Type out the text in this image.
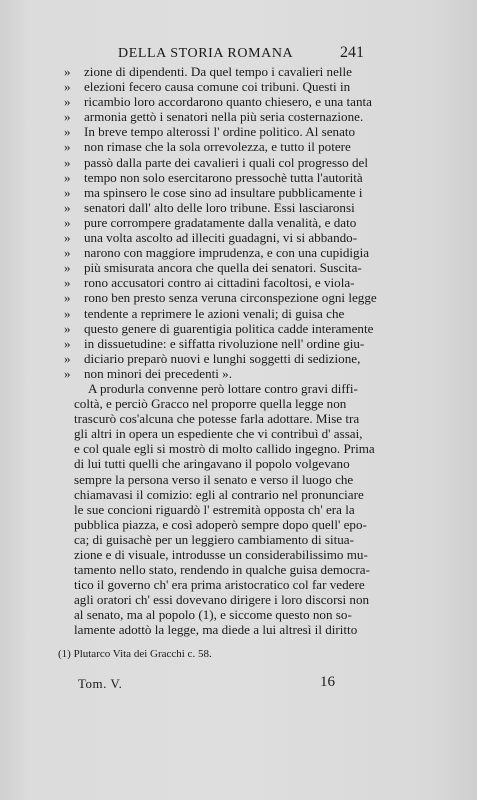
DELLA STORIA ROMANA	241
» zione di dipendenti. Da quel tempo i cavalieri nelle
» elezioni fecero causa comune coi tribuni. Questi in
» ricambio loro accordarono quanto chiesero, e una tanta
» armonia gettò i senatori nella più seria costernazione.
» In breve tempo alterossi l' ordine politico. Al senato
» non rimase che la sola orrevolezza, e tutto il potere
» passò dalla parte dei cavalieri i quali col progresso del
» tempo non solo esercitarono pressochè tutta l'autorità
» ma spinsero le cose sino ad insultare pubblicamente i
» senatori dall' alto delle loro tribune. Essi lasciaronsi
» pure corrompere gradatamente dalla venalità, e dato
» una volta ascolto ad illeciti guadagni, vi si abbando-
» narono con maggiore imprudenza, e con una cupidigia
» più smisurata ancora che quella dei senatori. Suscita-
» rono accusatori contro ai cittadini facoltosi, e viola-
» rono ben presto senza veruna circonspezione ogni legge
» tendente a reprimere le azioni venali; di guisa che
» questo genere di guarentigia politica cadde interamente
» in dissuetudine: e siffatta rivoluzione nell' ordine giu-
» diciario preparò nuovi e lunghi soggetti di sedizione,
» non minori dei precedenti ».
A produrla convenne però lottare contro gravi diffi-
coltà, e perciò Gracco nel proporre quella legge non
trascurò cos'alcuna che potesse farla adottare. Mise tra
gli altri in opera un espediente che vi contribuì d' assai,
e col quale egli si mostrò di molto callido ingegno. Prima
di lui tutti quelli che aringavano il popolo volgevano
sempre la persona verso il senato e verso il luogo che
chiamavasi il comizio: egli al contrario nel pronunciare
le sue concioni riguardò l' estremità opposta ch' era la
pubblica piazza, e così adoperò sempre dopo quell' epo-
ca; di guisachè per un leggiero cambiamento di situa-
zione e di visuale, introdusse un considerabilissimo mu-
tamento nello stato, rendendo in qualche guisa democra-
tico il governo ch' era prima aristocratico col far vedere
agli oratori ch' essi dovevano dirigere i loro discorsi non
al senato, ma al popolo (1), e siccome questo non so-
lamente adottò la legge, ma diede a lui altresì il diritto
(1) Plutarco Vita dei Gracchi c. 58.
Tom. V.	16
